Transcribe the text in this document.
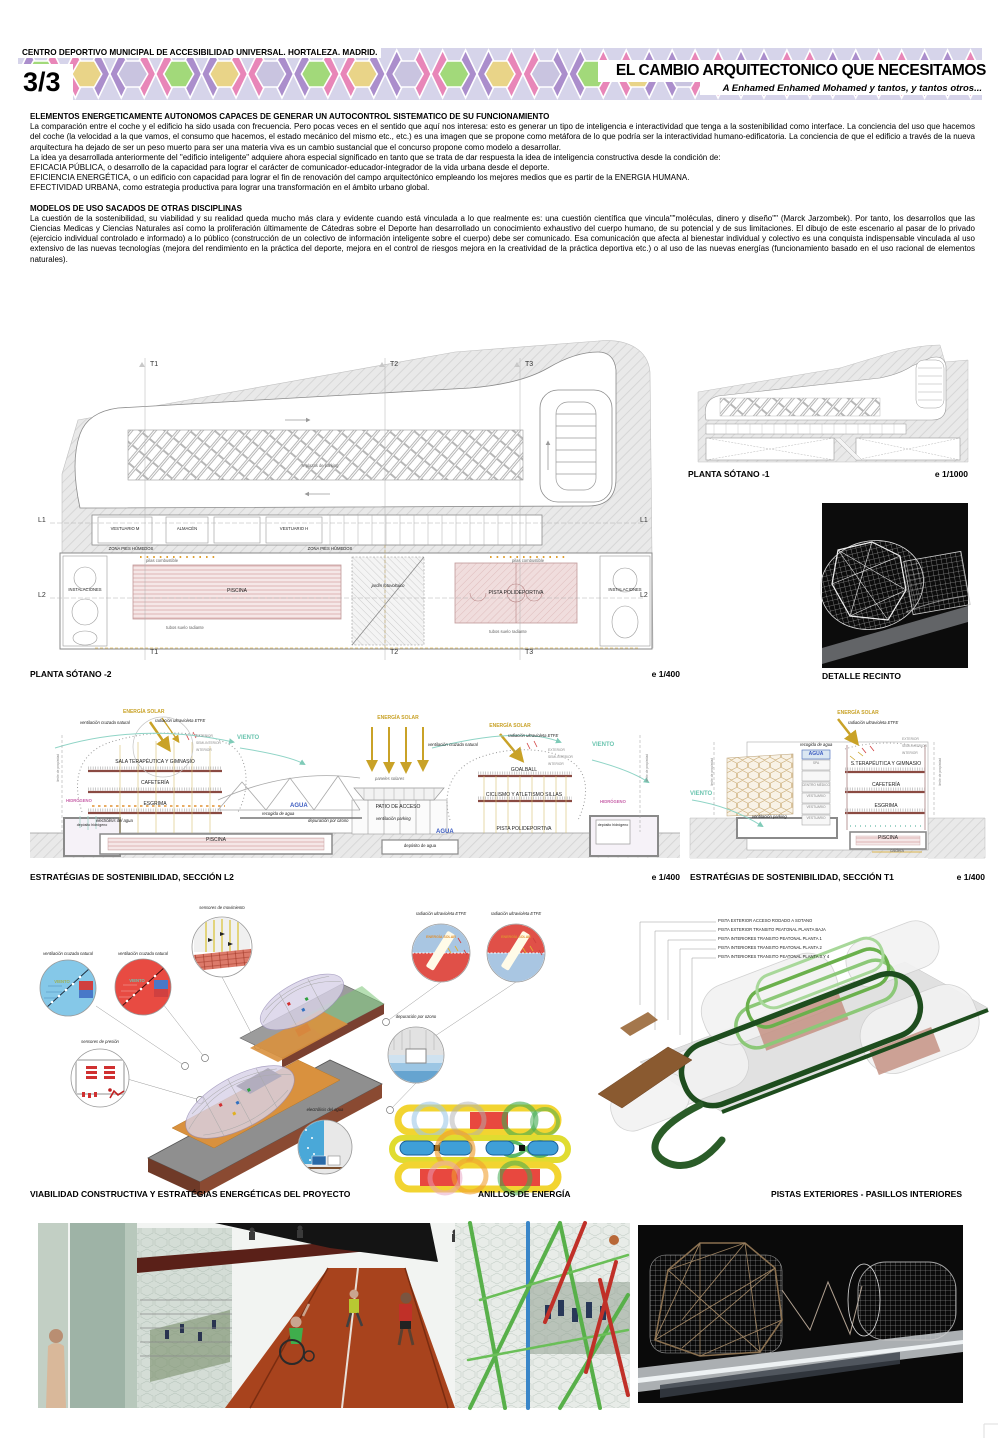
CENTRO DEPORTIVO MUNICIPAL DE ACCESIBILIDAD UNIVERSAL. HORTALEZA. MADRID.
3/3	EL CAMBIO ARQUITECTONICO QUE NECESITAMOS
A Enhamed Enhamed Mohamed y tantos, y tantos otros...
ELEMENTOS ENERGETICAMENTE AUTONOMOS CAPACES DE GENERAR UN AUTOCONTROL SISTEMATICO DE SU FUNCIONAMIENTO

La comparación entre el coche y el edificio ha sido usada con frecuencia. Pero pocas veces en el sentido que aquí nos interesa: esto es generar un tipo de inteligencia e interactividad que tenga a la sostenibilidad como interface. La conciencia del uso que hacemos del coche (la velocidad a la que vamos, el consumo que hacemos, el estado mecánico del mismo etc., etc.) es una imagen que se propone como metáfora de lo que podría ser la interactividad humano-edificatoria. La conciencia de que el edificio a través de la nueva arquitectura ha dejado de ser un peso muerto para ser una materia viva es un cambio sustancial que el concurso propone como modelo a desarrollar.

La idea ya desarrollada anteriormente del "edificio inteligente" adquiere ahora especial significado en tanto que se trata de dar respuesta la idea de inteligencia constructiva desde la condición de:
EFICACIA PÚBLICA, o desarrollo de la capacidad para lograr el carácter de comunicador-educador-integrador de la vida urbana desde el deporte.
EFICIENCIA ENERGÉTICA, o un edificio con capacidad para lograr el fin de renovación del campo arquitectónico empleando los mejores medios que es partir de la ENERGIA HUMANA.
EFECTIVIDAD URBANA, como estrategia productiva para lograr una transformación en el ámbito urbano global.
MODELOS DE USO SACADOS DE OTRAS DISCIPLINAS

La cuestión de la sostenibilidad, su viabilidad y su realidad queda mucho más clara y evidente cuando está vinculada a lo que realmente es: una cuestión científica que vincula""moléculas, dinero y diseño"" (Marck Jarzombek). Por tanto, los desarrollos que las Ciencias Medicas y Ciencias Naturales así como la proliferación últimamente de Cátedras sobre el Deporte han desarrollado un conocimiento exhaustivo del cuerpo humano, de su potencial y de sus limitaciones. El dibujo de este escenario al pasar de lo privado (ejercicio individual controlado e informado) a lo público (construcción de un colectivo de información inteligente sobre el cuerpo) debe ser comunicado. Esa comunicación que afecta al bienestar individual y colectivo es una conquista indispensable vinculada al uso extensivo de las nuevas tecnologías (mejora del rendimiento en la práctica del deporte, mejora en el control de riesgos mejora en la creatividad de la práctica deportiva etc.) o al uso de las nuevas energías (funcionamiento basado en el uso racional de elementos naturales).

T1	T2	T3
T1	T2	T3
L1	L1
L2	L2
N plazas de parking
VESTUARIO M	ALMACÉN	VESTUARIO H
ZONA PIES HÚMEDOS	ZONA PIES HÚMEDOS
pilas combustible	pilas combustible
INSTALACIONES	INSTALACIONES
PISCINA
jardín fotovoltaico
PISTA POLIDEPORTIVA
tubos suelo radiante
tubos suelo radiante
PLANTA SÓTANO -2	e 1/400
PLANTA SÓTANO -1	e 1/1000
DETALLE RECINTO
ENERGÍA SOLAR
radiación ultravioleta ETFE
ventilación cruzada natural
VIENTO
límite de propiedad
EXTERIOR
SEMI-INTERIOR
INTERIOR
SALA TERAPÉUTICA Y GIMNASIO
CAFETERÍA
ESGRIMA
HIDRÓGENO
electrólisis del agua
depósito hidrógeno
PISCINA
AGUA
recogida de agua
depuración por ozono
ENERGÍA SOLAR
ventilación cruzada natural
ENERGÍA SOLAR
radiación ultravioleta ETFE
VIENTO
límite de propiedad
paneles solares
PATIO DE ACCESO
ventilación parking
AGUA
depósito de agua
GOALBALL
CICLISMO Y ATLETISMO SILLAS
PISTA POLIDEPORTIVA
HIDRÓGENO
depósito hidrógeno
EXTERIOR
SEMI-INTERIOR
INTERIOR
ESTRATÉGIAS DE SOSTENIBILIDAD, SECCIÓN L2	e 1/400
ENERGÍA SOLAR
radiación ultravioleta ETFE
recogida de agua
AGUA
VIENTO
límite de propiedad	límite de propiedad
EXTERIOR
SEMI-INTERIOR
INTERIOR
S.TERAPÉUTICA Y GIMNASIO
CAFETERÍA
ESGRIMA
PISCINA
caldera
ventilación parking
SPA
CENTRO MÉDICO
VESTUARIO
VESTUARIO
VESTUARIO
ESTRATÉGIAS DE SOSTENIBILIDAD, SECCIÓN T1	e 1/400
sensores de movimiento
ventilación cruzada natural	ventilación cruzada natural
VIENTO	VIENTO
sensores de presión
electrólisis del agua
radiación ultravioleta ETFE	radiación ultravioleta ETFE
ENERGÍA SOLAR	ENERGÍA SOLAR
depuración por ozono
VIABILIDAD CONSTRUCTIVA Y ESTRATÉGIAS ENERGÉTICAS DEL PROYECTO	ANILLOS DE ENERGÍA
PISTA EXTERIOR ACCESO RODADO A SOTANO
PISTA EXTERIOR TRANSITO PEATONAL PLANTA BAJA
PISTA INTERIORES TRANSITO PEATONAL PLANTA 1
PISTA INTERIORES TRANSITO PEATONAL PLANTA 2
PISTA INTERIORES TRANSITO PEATONAL PLANTA 3 Y 4
PISTAS EXTERIORES - PASILLOS INTERIORES
